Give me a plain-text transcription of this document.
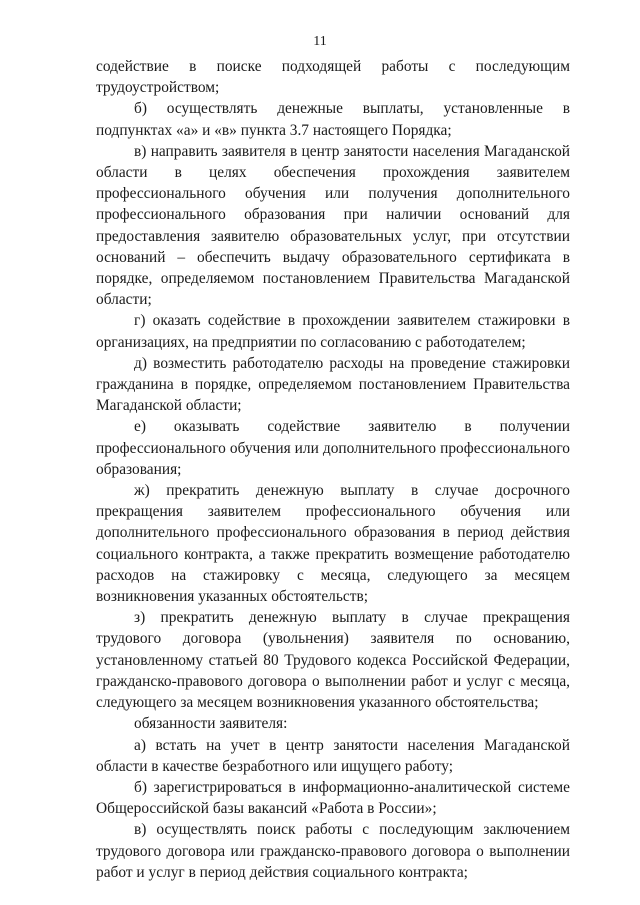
11

содействие в поиске подходящей работы с последующим трудоустройством;

б) осуществлять денежные выплаты, установленные в подпунктах «а» и «в» пункта 3.7 настоящего Порядка;

в) направить заявителя в центр занятости населения Магаданской области в целях обеспечения прохождения заявителем профессионального обучения или получения дополнительного профессионального образования при наличии оснований для предоставления заявителю образовательных услуг, при отсутствии оснований – обеспечить выдачу образовательного сертификата в порядке, определяемом постановлением Правительства Магаданской области;

г) оказать содействие в прохождении заявителем стажировки в организациях, на предприятии по согласованию с работодателем;

д) возместить работодателю расходы на проведение стажировки гражданина в порядке, определяемом постановлением Правительства Магаданской области;

е) оказывать содействие заявителю в получении профессионального обучения или дополнительного профессионального образования;

ж) прекратить денежную выплату в случае досрочного прекращения заявителем профессионального обучения или дополнительного профессионального образования в период действия социального контракта, а также прекратить возмещение работодателю расходов на стажировку с месяца, следующего за месяцем возникновения указанных обстоятельств;

з) прекратить денежную выплату в случае прекращения трудового договора (увольнения) заявителя по основанию, установленному статьей 80 Трудового кодекса Российской Федерации, гражданско-правового договора о выполнении работ и услуг с месяца, следующего за месяцем возникновения указанного обстоятельства;

обязанности заявителя:

а) встать на учет в центр занятости населения Магаданской области в качестве безработного или ищущего работу;

б) зарегистрироваться в информационно-аналитической системе Общероссийской базы вакансий «Работа в России»;

в) осуществлять поиск работы с последующим заключением трудового договора или гражданско-правового договора о выполнении работ и услуг в период действия социального контракта;
